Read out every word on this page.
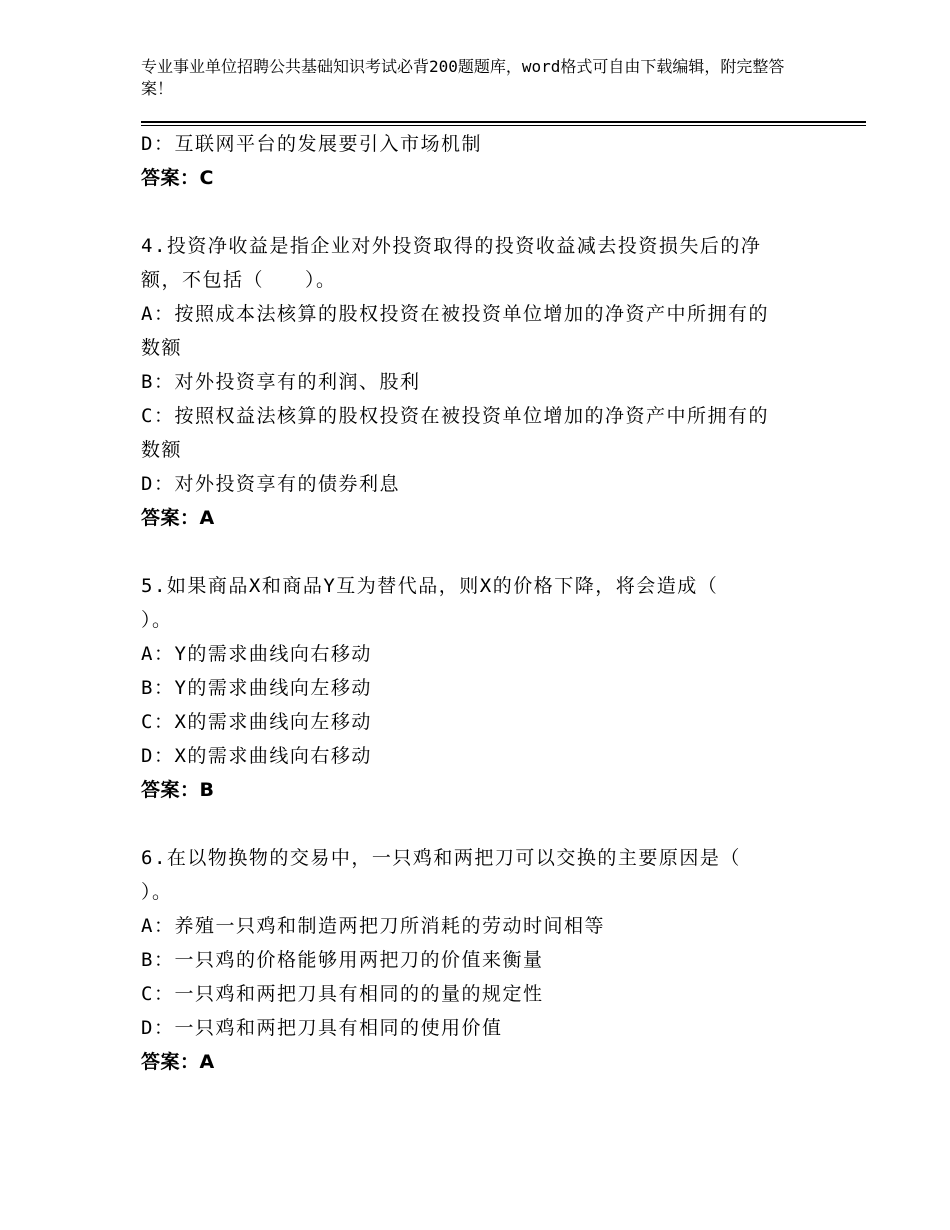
专业事业单位招聘公共基础知识考试必背200题题库，word格式可自由下载编辑，附完整答案！
D：互联网平台的发展要引入市场机制
答案：C
4.投资净收益是指企业对外投资取得的投资收益减去投资损失后的净
额，不包括（　　）。
A：按照成本法核算的股权投资在被投资单位增加的净资产中所拥有的
数额
B：对外投资享有的利润、股利
C：按照权益法核算的股权投资在被投资单位增加的净资产中所拥有的
数额
D：对外投资享有的债券利息
答案：A
5.如果商品X和商品Y互为替代品，则X的价格下降，将会造成（
）。
A：Y的需求曲线向右移动
B：Y的需求曲线向左移动
C：X的需求曲线向左移动
D：X的需求曲线向右移动
答案：B
6.在以物换物的交易中，一只鸡和两把刀可以交换的主要原因是（
）。
A：养殖一只鸡和制造两把刀所消耗的劳动时间相等
B：一只鸡的价格能够用两把刀的价值来衡量
C：一只鸡和两把刀具有相同的的量的规定性
D：一只鸡和两把刀具有相同的使用价值
答案：A
